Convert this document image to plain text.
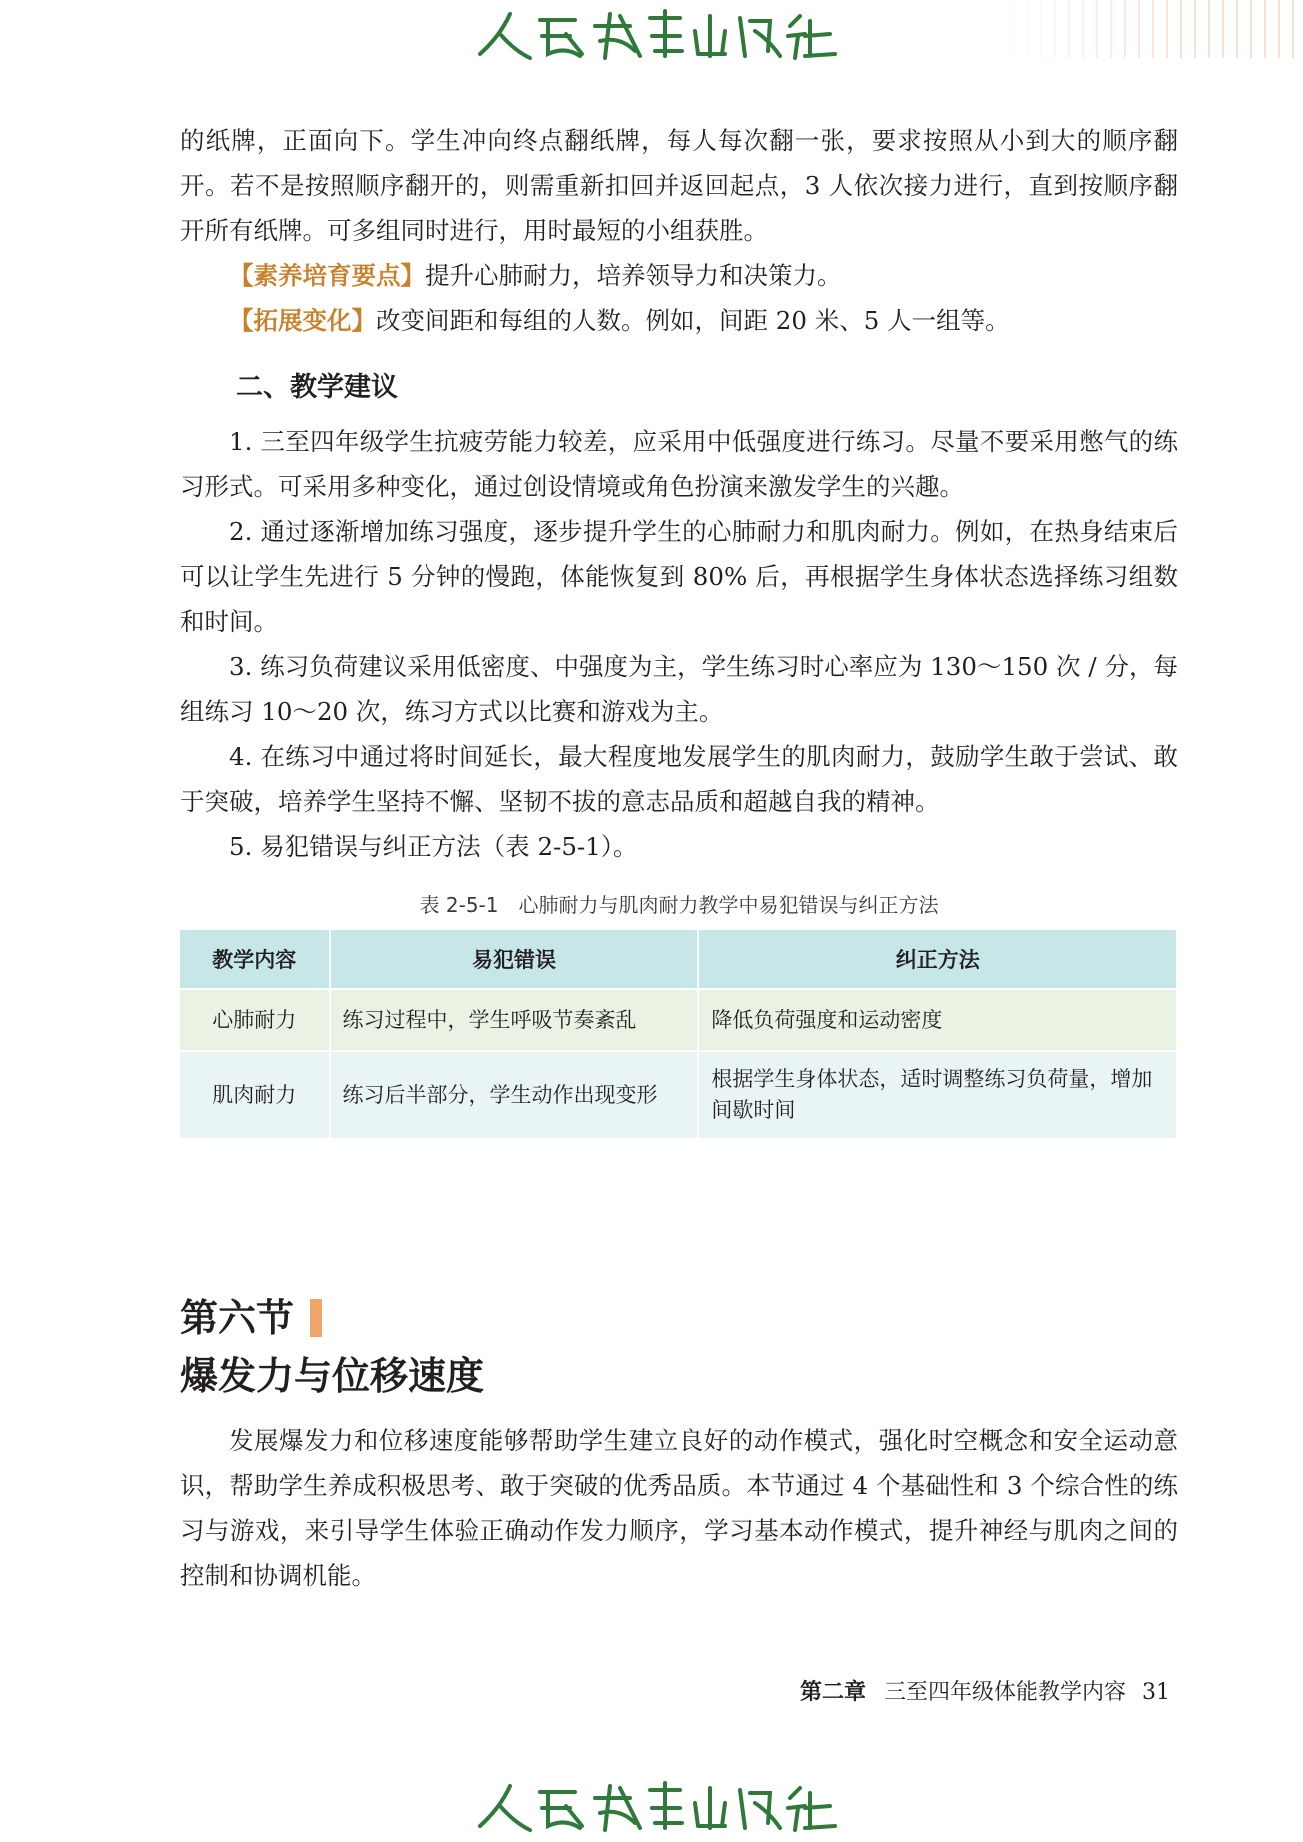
的纸牌，正面向下。学生冲向终点翻纸牌，每人每次翻一张，要求按照从小到大的顺序翻开。若不是按照顺序翻开的，则需重新扣回并返回起点，3 人依次接力进行，直到按顺序翻开所有纸牌。可多组同时进行，用时最短的小组获胜。

【素养培育要点】提升心肺耐力，培养领导力和决策力。

【拓展变化】改变间距和每组的人数。例如，间距 20 米、5 人一组等。

二、教学建议

1. 三至四年级学生抗疲劳能力较差，应采用中低强度进行练习。尽量不要采用憋气的练习形式。可采用多种变化，通过创设情境或角色扮演来激发学生的兴趣。

2. 通过逐渐增加练习强度，逐步提升学生的心肺耐力和肌肉耐力。例如，在热身结束后可以让学生先进行 5 分钟的慢跑，体能恢复到 80% 后，再根据学生身体状态选择练习组数和时间。

3. 练习负荷建议采用低密度、中强度为主，学生练习时心率应为 130～150 次 / 分，每组练习 10～20 次，练习方式以比赛和游戏为主。

4. 在练习中通过将时间延长，最大程度地发展学生的肌肉耐力，鼓励学生敢于尝试、敢于突破，培养学生坚持不懈、坚韧不拔的意志品质和超越自我的精神。

5. 易犯错误与纠正方法（表 2-5-1）。

表 2-5-1　心肺耐力与肌肉耐力教学中易犯错误与纠正方法
教学内容	易犯错误	纠正方法
心肺耐力	练习过程中，学生呼吸节奏紊乱	降低负荷强度和运动密度
肌肉耐力	练习后半部分，学生动作出现变形	根据学生身体状态，适时调整练习负荷量，增加间歇时间
第六节
爆发力与位移速度

发展爆发力和位移速度能够帮助学生建立良好的动作模式，强化时空概念和安全运动意识，帮助学生养成积极思考、敢于突破的优秀品质。本节通过 4 个基础性和 3 个综合性的练习与游戏，来引导学生体验正确动作发力顺序，学习基本动作模式，提升神经与肌肉之间的控制和协调机能。

第二章 三至四年级体能教学内容 31
